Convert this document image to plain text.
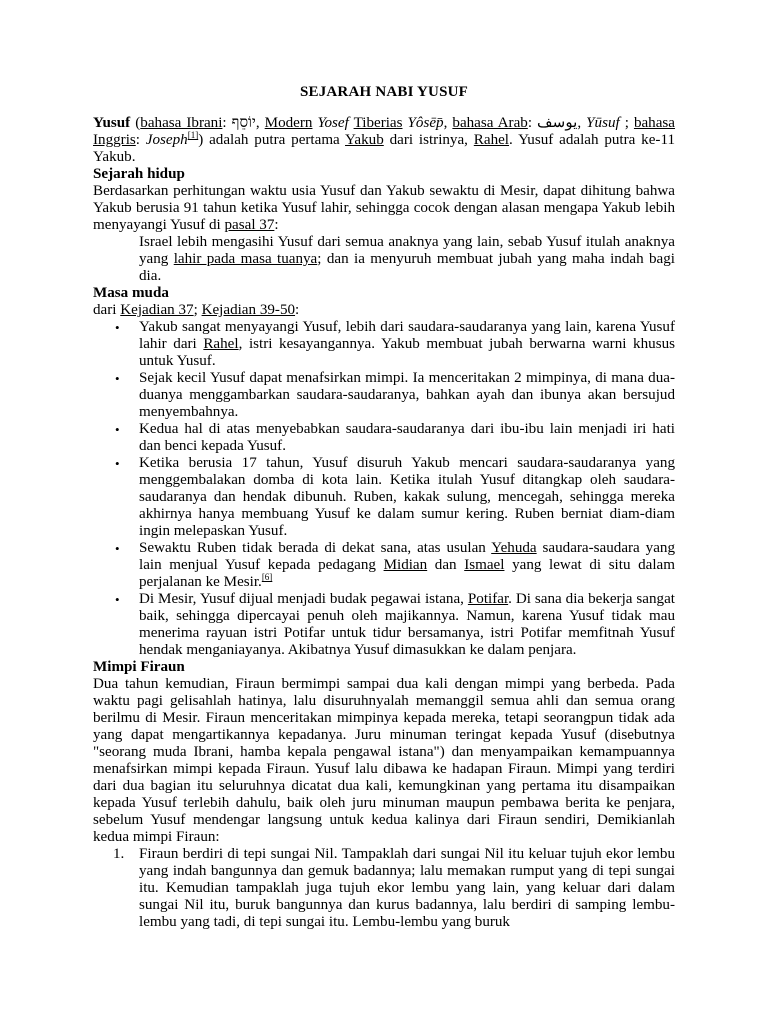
SEJARAH NABI YUSUF

Yusuf (bahasa Ibrani: יוֹסֵף, Modern Yosef Tiberias Yôsēp̄, bahasa Arab: يوسف, Yūsuf ; bahasa Inggris: Joseph[1]) adalah putra pertama Yakub dari istrinya, Rahel. Yusuf adalah putra ke-11 Yakub.

Sejarah hidup

Berdasarkan perhitungan waktu usia Yusuf dan Yakub sewaktu di Mesir, dapat dihitung bahwa Yakub berusia 91 tahun ketika Yusuf lahir, sehingga cocok dengan alasan mengapa Yakub lebih menyayangi Yusuf di pasal 37:

Israel lebih mengasihi Yusuf dari semua anaknya yang lain, sebab Yusuf itulah anaknya yang lahir pada masa tuanya; dan ia menyuruh membuat jubah yang maha indah bagi dia.

Masa muda

dari Kejadian 37; Kejadian 39-50:

• Yakub sangat menyayangi Yusuf, lebih dari saudara-saudaranya yang lain, karena Yusuf lahir dari Rahel, istri kesayangannya. Yakub membuat jubah berwarna warni khusus untuk Yusuf.
• Sejak kecil Yusuf dapat menafsirkan mimpi. Ia menceritakan 2 mimpinya, di mana dua-duanya menggambarkan saudara-saudaranya, bahkan ayah dan ibunya akan bersujud menyembahnya.
• Kedua hal di atas menyebabkan saudara-saudaranya dari ibu-ibu lain menjadi iri hati dan benci kepada Yusuf.
• Ketika berusia 17 tahun, Yusuf disuruh Yakub mencari saudara-saudaranya yang menggembalakan domba di kota lain. Ketika itulah Yusuf ditangkap oleh saudara-saudaranya dan hendak dibunuh. Ruben, kakak sulung, mencegah, sehingga mereka akhirnya hanya membuang Yusuf ke dalam sumur kering. Ruben berniat diam-diam ingin melepaskan Yusuf.
• Sewaktu Ruben tidak berada di dekat sana, atas usulan Yehuda saudara-saudara yang lain menjual Yusuf kepada pedagang Midian dan Ismael yang lewat di situ dalam perjalanan ke Mesir.[6]
• Di Mesir, Yusuf dijual menjadi budak pegawai istana, Potifar. Di sana dia bekerja sangat baik, sehingga dipercayai penuh oleh majikannya. Namun, karena Yusuf tidak mau menerima rayuan istri Potifar untuk tidur bersamanya, istri Potifar memfitnah Yusuf hendak menganiayanya. Akibatnya Yusuf dimasukkan ke dalam penjara.

Mimpi Firaun

Dua tahun kemudian, Firaun bermimpi sampai dua kali dengan mimpi yang berbeda. Pada waktu pagi gelisahlah hatinya, lalu disuruhnyalah memanggil semua ahli dan semua orang berilmu di Mesir. Firaun menceritakan mimpinya kepada mereka, tetapi seorangpun tidak ada yang dapat mengartikannya kepadanya. Juru minuman teringat kepada Yusuf (disebutnya "seorang muda Ibrani, hamba kepala pengawal istana") dan menyampaikan kemampuannya menafsirkan mimpi kepada Firaun. Yusuf lalu dibawa ke hadapan Firaun. Mimpi yang terdiri dari dua bagian itu seluruhnya dicatat dua kali, kemungkinan yang pertama itu disampaikan kepada Yusuf terlebih dahulu, baik oleh juru minuman maupun pembawa berita ke penjara, sebelum Yusuf mendengar langsung untuk kedua kalinya dari Firaun sendiri, Demikianlah kedua mimpi Firaun:

1. Firaun berdiri di tepi sungai Nil. Tampaklah dari sungai Nil itu keluar tujuh ekor lembu yang indah bangunnya dan gemuk badannya; lalu memakan rumput yang di tepi sungai itu. Kemudian tampaklah juga tujuh ekor lembu yang lain, yang keluar dari dalam sungai Nil itu, buruk bangunnya dan kurus badannya, lalu berdiri di samping lembu-lembu yang tadi, di tepi sungai itu. Lembu-lembu yang buruk
